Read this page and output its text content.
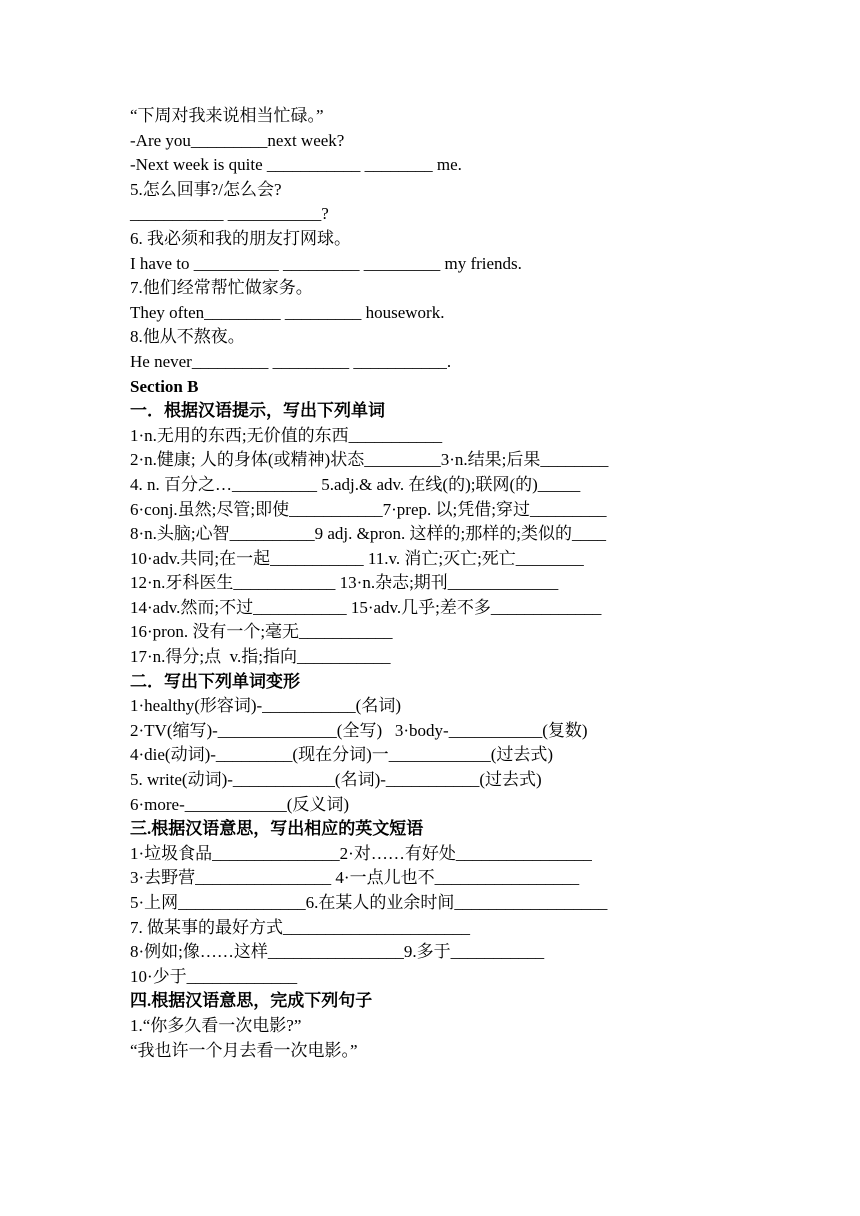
“下周对我来说相当忙碌。”
-Are you_________next week?
-Next week is quite ___________ ________ me.
5.怎么回事?/怎么会?
___________ ___________?
6. 我必须和我的朋友打网球。
I have to __________ _________ _________ my friends.
7.他们经常帮忙做家务。
They often_________ _________ housework.
8.他从不熬夜。
He never_________ _________ ___________.
Section B
一．根据汉语提示，写出下列单词
1·n.无用的东西;无价值的东西___________
2·n.健康; 人的身体(或精神)状态_________3·n.结果;后果________
4. n. 百分之…__________ 5.adj.& adv. 在线(的);联网(的)_____
6·conj.虽然;尽管;即使___________7·prep. 以;凭借;穿过_________
8·n.头脑;心智__________9 adj. &pron. 这样的;那样的;类似的____
10·adv.共同;在一起___________ 11.v. 消亡;灭亡;死亡________
12·n.牙科医生____________ 13·n.杂志;期刊_____________
14·adv.然而;不过___________ 15·adv.几乎;差不多_____________
16·pron. 没有一个;毫无___________
17·n.得分;点  v.指;指向___________
二．写出下列单词变形
1·healthy(形容词)-___________(名词)
2·TV(缩写)-______________(全写)   3·body-___________(复数)
4·die(动词)-_________(现在分词)一____________(过去式)
5. write(动词)-____________(名词)-___________(过去式)
6·more-____________(反义词)
三.根据汉语意思，写出相应的英文短语
1·垃圾食品_______________2·对……有好处________________
3·去野营________________ 4·一点儿也不_________________
5·上网_______________6.在某人的业余时间__________________
7. 做某事的最好方式______________________
8·例如;像……这样________________9.多于___________
10·少于_____________
四.根据汉语意思，完成下列句子
1.“你多久看一次电影?”
“我也许一个月去看一次电影。”
